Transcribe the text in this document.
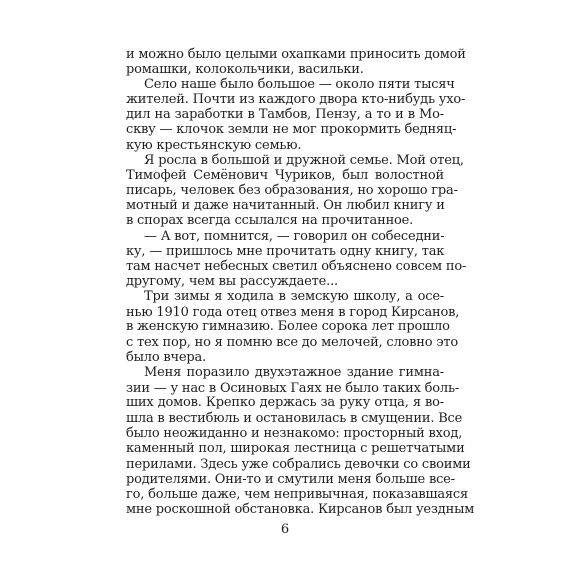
и можно было целыми охапками приносить домой
ромашки, колокольчики, васильки.
Село наше было большое — около пяти тысяч
жителей. Почти из каждого двора кто-нибудь ухо-
дил на заработки в Тамбов, Пензу, а то и в Мо-
скву — клочок земли не мог прокормить бедняц-
кую крестьянскую семью.
Я росла в большой и дружной семье. Мой отец,
Тимофей Семёнович Чуриков, был волостной
писарь, человек без образования, но хорошо гра-
мотный и даже начитанный. Он любил книгу и
в спорах всегда ссылался на прочитанное.
— А вот, помнится, — говорил он собеседни-
ку, — пришлось мне прочитать одну книгу, так
там насчет небесных светил объяснено совсем по-
другому, чем вы рассуждаете...
Три зимы я ходила в земскую школу, а осе-
нью 1910 года отец отвез меня в город Кирсанов,
в женскую гимназию. Более сорока лет прошло
с тех пор, но я помню все до мелочей, словно это
было вчера.
Меня поразило двухэтажное здание гимна-
зии — у нас в Осиновых Гаях не было таких боль-
ших домов. Крепко держась за руку отца, я во-
шла в вестибюль и остановилась в смущении. Все
было неожиданно и незнакомо: просторный вход,
каменный пол, широкая лестница с решетчатыми
перилами. Здесь уже собрались девочки со своими
родителями. Они-то и смутили меня больше все-
го, больше даже, чем непривычная, показавшаяся
мне роскошной обстановка. Кирсанов был уездным
6
